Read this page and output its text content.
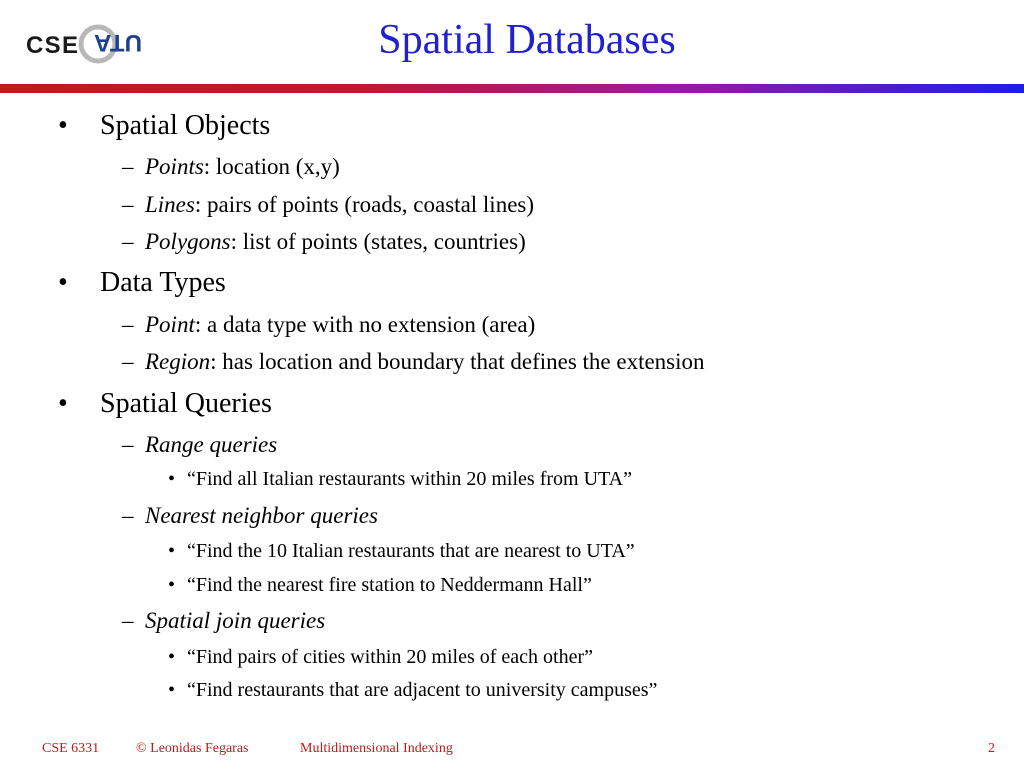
CSE	UTA	Spatial Databases
• Spatial Objects
– Points: location (x,y)
– Lines: pairs of points (roads, coastal lines)
– Polygons: list of points (states, countries)
• Data Types
– Point: a data type with no extension (area)
– Region: has location and boundary that defines the extension
• Spatial Queries
– Range queries
• “Find all Italian restaurants within 20 miles from UTA”
– Nearest neighbor queries
• “Find the 10 Italian restaurants that are nearest to UTA”
• “Find the nearest fire station to Neddermann Hall”
– Spatial join queries
• “Find pairs of cities within 20 miles of each other”
• “Find restaurants that are adjacent to university campuses”
CSE 6331	© Leonidas Fegaras	Multidimensional Indexing	2
